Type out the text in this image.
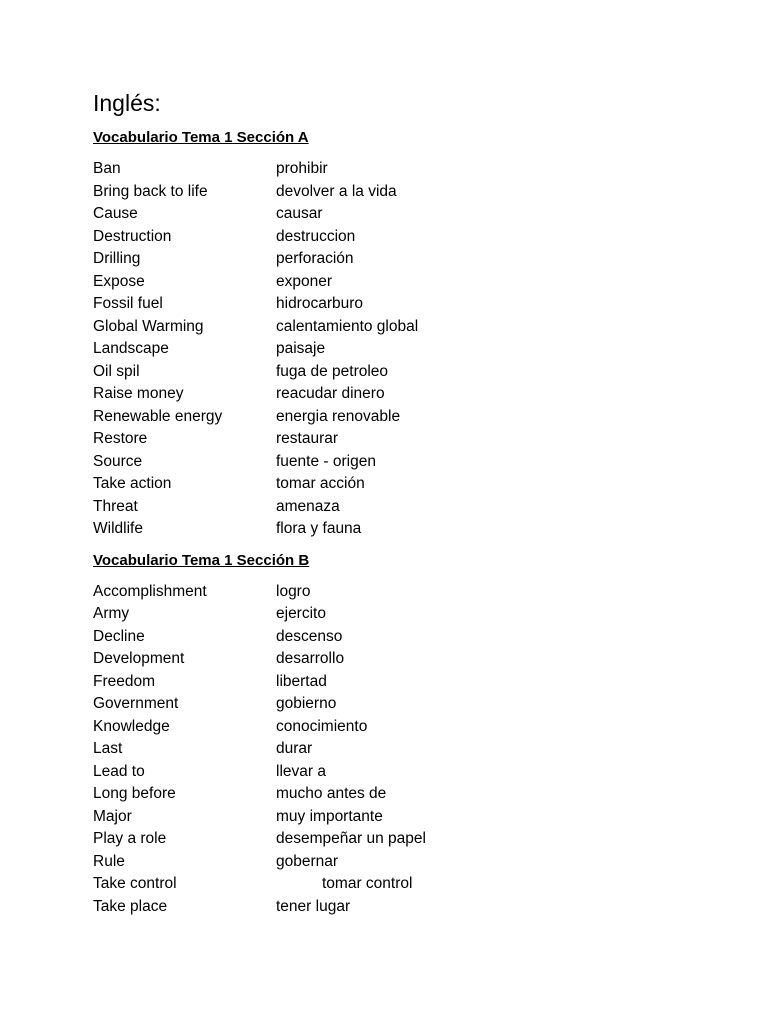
Inglés:
Vocabulario Tema 1 Sección A
Ban	prohibir
Bring back to life	devolver a la vida
Cause	causar
Destruction	destruccion
Drilling	perforación
Expose	exponer
Fossil fuel	hidrocarburo
Global Warming	calentamiento global
Landscape	paisaje
Oil spil	fuga de petroleo
Raise money	reacudar dinero
Renewable energy	energia renovable
Restore	restaurar
Source	fuente - origen
Take action	tomar acción
Threat	amenaza
Wildlife	flora y fauna
Vocabulario Tema 1 Sección B
Accomplishment	logro
Army	ejercito
Decline	descenso
Development	desarrollo
Freedom	libertad
Government	gobierno
Knowledge	conocimiento
Last	durar
Lead to	llevar a
Long before	mucho antes de
Major	muy importante
Play a role	desempeñar un papel
Rule	gobernar
Take control	tomar control
Take place	tener lugar
